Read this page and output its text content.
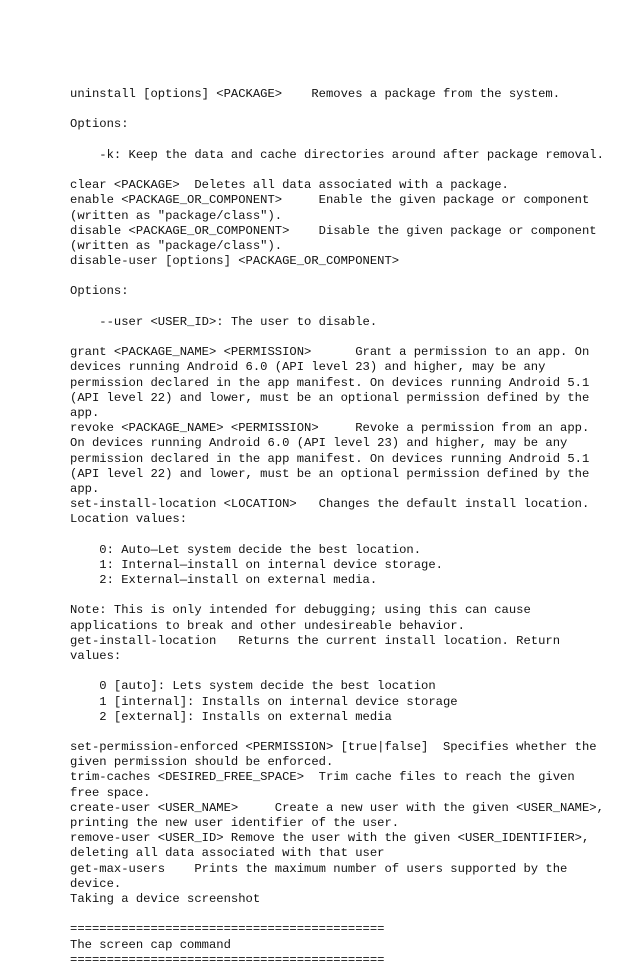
uninstall [options] <PACKAGE>    Removes a package from the system.
Options:
-k: Keep the data and cache directories around after package removal.
clear <PACKAGE>  Deletes all data associated with a package.
enable <PACKAGE_OR_COMPONENT>     Enable the given package or component
(written as "package/class").
disable <PACKAGE_OR_COMPONENT>    Disable the given package or component
(written as "package/class").
disable-user [options] <PACKAGE_OR_COMPONENT>
Options:
--user <USER_ID>: The user to disable.
grant <PACKAGE_NAME> <PERMISSION>      Grant a permission to an app. On
devices running Android 6.0 (API level 23) and higher, may be any
permission declared in the app manifest. On devices running Android 5.1
(API level 22) and lower, must be an optional permission defined by the
app.
revoke <PACKAGE_NAME> <PERMISSION>     Revoke a permission from an app.
On devices running Android 6.0 (API level 23) and higher, may be any
permission declared in the app manifest. On devices running Android 5.1
(API level 22) and lower, must be an optional permission defined by the
app.
set-install-location <LOCATION>   Changes the default install location.
Location values:
0: Auto—Let system decide the best location.
1: Internal—install on internal device storage.
2: External—install on external media.
Note: This is only intended for debugging; using this can cause
applications to break and other undesireable behavior.
get-install-location   Returns the current install location. Return
values:
0 [auto]: Lets system decide the best location
1 [internal]: Installs on internal device storage
2 [external]: Installs on external media
set-permission-enforced <PERMISSION> [true|false]  Specifies whether the
given permission should be enforced.
trim-caches <DESIRED_FREE_SPACE>  Trim cache files to reach the given
free space.
create-user <USER_NAME>     Create a new user with the given <USER_NAME>,
printing the new user identifier of the user.
remove-user <USER_ID> Remove the user with the given <USER_IDENTIFIER>,
deleting all data associated with that user
get-max-users    Prints the maximum number of users supported by the
device.
Taking a device screenshot
===========================================
The screen cap command
===========================================
